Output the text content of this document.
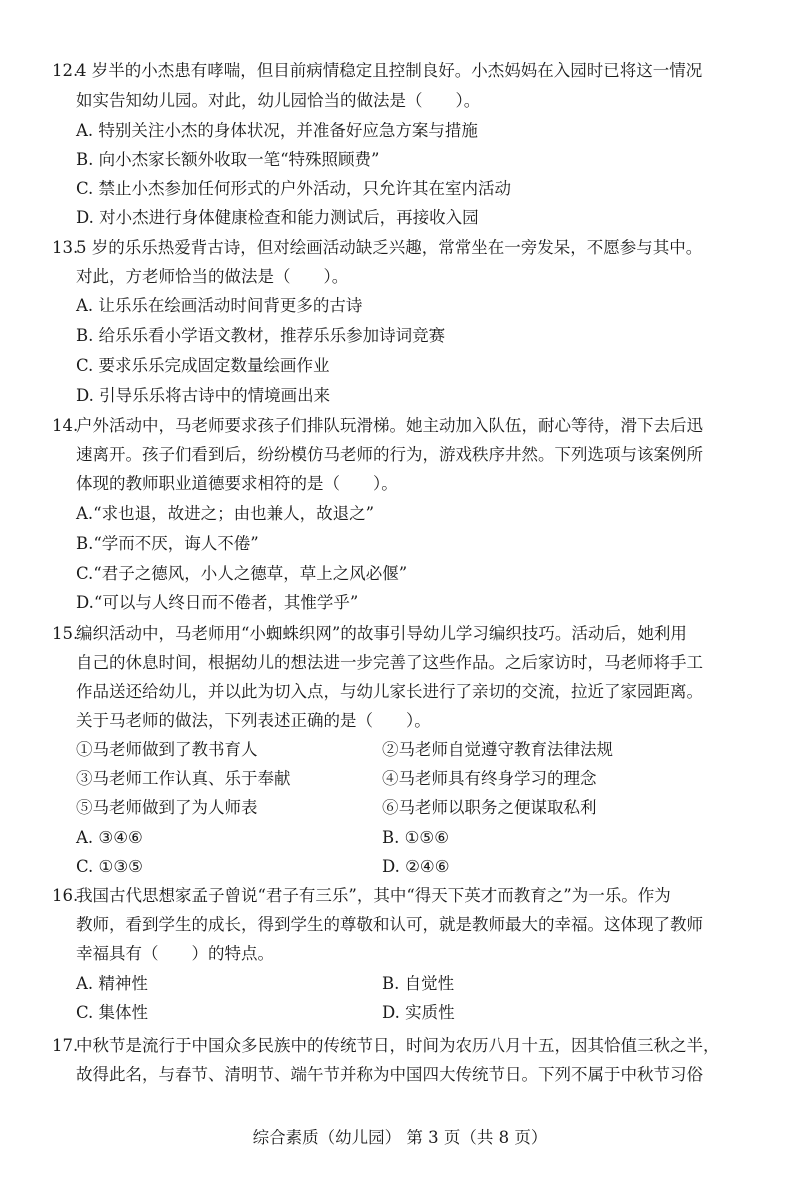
12.
4 岁半的小杰患有哮喘，但目前病情稳定且控制良好。小杰妈妈在入园时已将这一情况
如实告知幼儿园。对此，幼儿园恰当的做法是（　　）。
A. 特别关注小杰的身体状况，并准备好应急方案与措施
B. 向小杰家长额外收取一笔“特殊照顾费”
C. 禁止小杰参加任何形式的户外活动，只允许其在室内活动
D. 对小杰进行身体健康检查和能力测试后，再接收入园
13.
5 岁的乐乐热爱背古诗，但对绘画活动缺乏兴趣，常常坐在一旁发呆，不愿参与其中。
对此，方老师恰当的做法是（　　）。
A. 让乐乐在绘画活动时间背更多的古诗
B. 给乐乐看小学语文教材，推荐乐乐参加诗词竞赛
C. 要求乐乐完成固定数量绘画作业
D. 引导乐乐将古诗中的情境画出来
14.
户外活动中，马老师要求孩子们排队玩滑梯。她主动加入队伍，耐心等待，滑下去后迅
速离开。孩子们看到后，纷纷模仿马老师的行为，游戏秩序井然。下列选项与该案例所
体现的教师职业道德要求相符的是（　　）。
A.“求也退，故进之；由也兼人，故退之”
B.“学而不厌，诲人不倦”
C.“君子之德风，小人之德草，草上之风必偃”
D.“可以与人终日而不倦者，其惟学乎”
15.
编织活动中，马老师用“小蜘蛛织网”的故事引导幼儿学习编织技巧。活动后，她利用
自己的休息时间，根据幼儿的想法进一步完善了这些作品。之后家访时，马老师将手工
作品送还给幼儿，并以此为切入点，与幼儿家长进行了亲切的交流，拉近了家园距离。
关于马老师的做法，下列表述正确的是（　　）。
①马老师做到了教书育人	②马老师自觉遵守教育法律法规
③马老师工作认真、乐于奉献	④马老师具有终身学习的理念
⑤马老师做到了为人师表	⑥马老师以职务之便谋取私利
A. ③④⑥	B. ①⑤⑥
C. ①③⑤	D. ②④⑥
16.
我国古代思想家孟子曾说“君子有三乐”，其中“得天下英才而教育之”为一乐。作为
教师，看到学生的成长，得到学生的尊敬和认可，就是教师最大的幸福。这体现了教师
幸福具有（　　）的特点。
A. 精神性	B. 自觉性
C. 集体性	D. 实质性
17.
中秋节是流行于中国众多民族中的传统节日，时间为农历八月十五，因其恰值三秋之半，
故得此名，与春节、清明节、端午节并称为中国四大传统节日。下列不属于中秋节习俗
综合素质（幼儿园） 第 3 页（共 8 页）
